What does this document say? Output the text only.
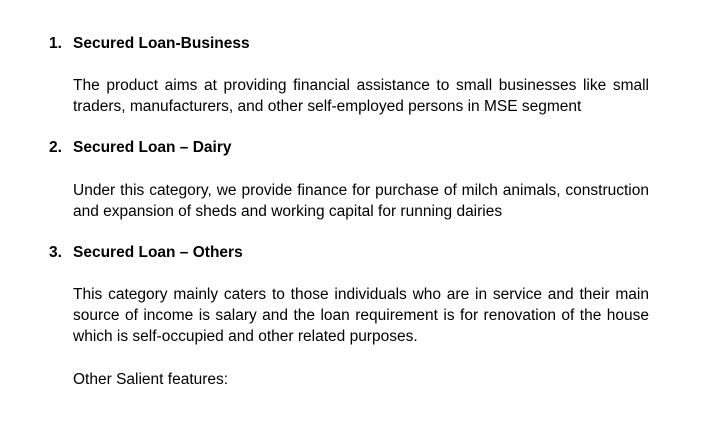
1. Secured Loan-Business
The product aims at providing financial assistance to small businesses like small traders, manufacturers, and other self-employed persons in MSE segment
2. Secured Loan – Dairy
Under this category, we provide finance for purchase of milch animals, construction and expansion of sheds and working capital for running dairies
3. Secured Loan – Others
This category mainly caters to those individuals who are in service and their main source of income is salary and the loan requirement is for renovation of the house which is self-occupied and other related purposes.
Other Salient features:
